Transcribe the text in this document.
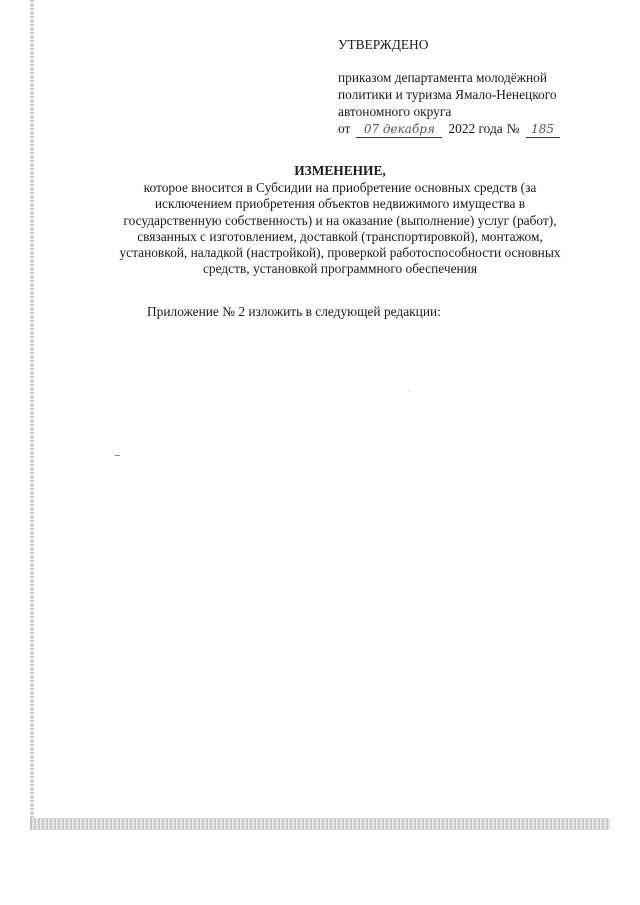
УТВЕРЖДЕНО
приказом департамента молодёжной
политики и туризма Ямало-Ненецкого
автономного округа
от	07 декабря	2022 года № 185
ИЗМЕНЕНИЕ,
которое вносится в Субсидии на приобретение основных средств (за
исключением приобретения объектов недвижимого имущества в
государственную собственность) и на оказание (выполнение) услуг (работ),
связанных с изготовлением, доставкой (транспортировкой), монтажом,
установкой, наладкой (настройкой), проверкой работоспособности основных
средств, установкой программного обеспечения
Приложение № 2 изложить в следующей редакции:
